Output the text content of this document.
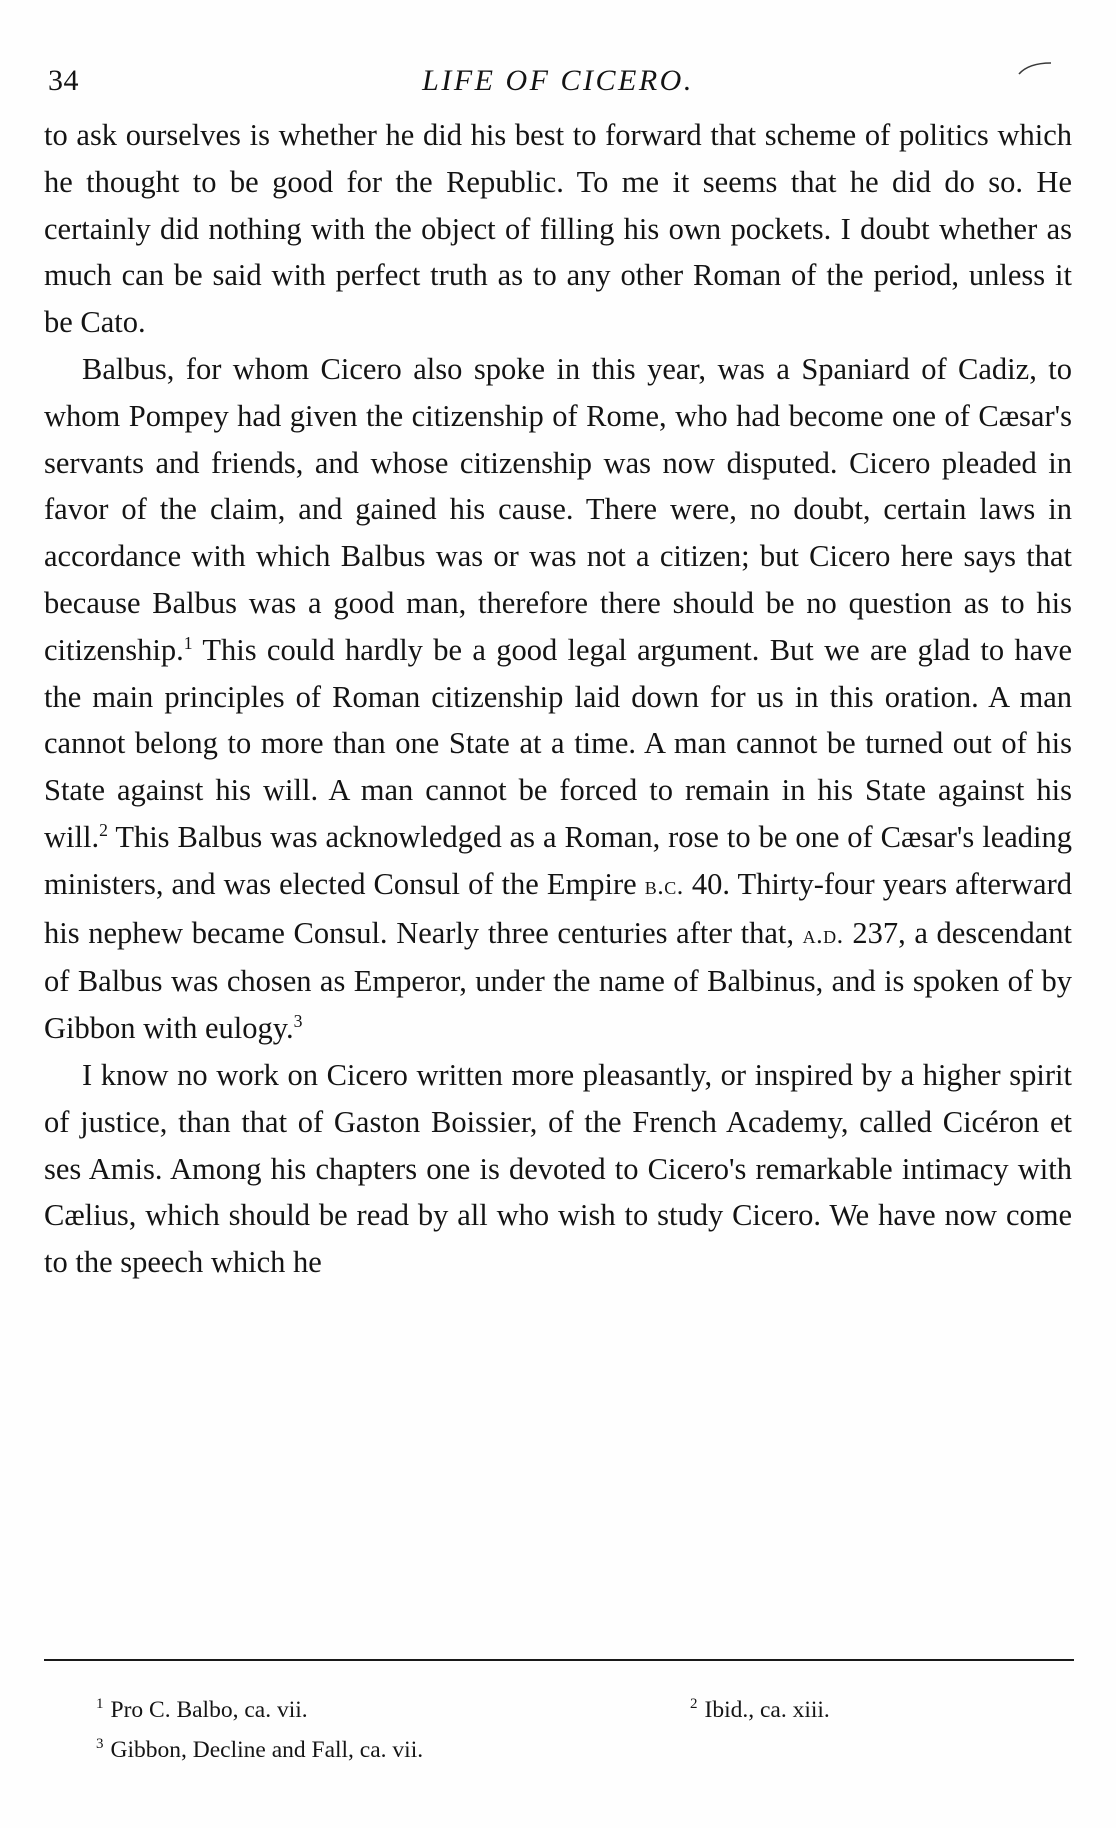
34	LIFE OF CICERO.

to ask ourselves is whether he did his best to forward that scheme of politics which he thought to be good for the Republic. To me it seems that he did do so. He certainly did nothing with the object of filling his own pockets. I doubt whether as much can be said with perfect truth as to any other Roman of the period, unless it be Cato.

Balbus, for whom Cicero also spoke in this year, was a Spaniard of Cadiz, to whom Pompey had given the citizenship of Rome, who had become one of Cæsar's servants and friends, and whose citizenship was now disputed. Cicero pleaded in favor of the claim, and gained his cause. There were, no doubt, certain laws in accordance with which Balbus was or was not a citizen; but Cicero here says that because Balbus was a good man, therefore there should be no question as to his citizenship.$^1$ This could hardly be a good legal argument. But we are glad to have the main principles of Roman citizenship laid down for us in this oration. A man cannot belong to more than one State at a time. A man cannot be turned out of his State against his will. A man cannot be forced to remain in his State against his will.$^2$ This Balbus was acknowledged as a Roman, rose to be one of Cæsar's leading ministers, and was elected Consul of the Empire b.c. 40. Thirty-four years afterward his nephew became Consul. Nearly three centuries after that, a.d. 237, a descendant of Balbus was chosen as Emperor, under the name of Balbinus, and is spoken of by Gibbon with eulogy.$^3$

I know no work on Cicero written more pleasantly, or inspired by a higher spirit of justice, than that of Gaston Boissier, of the French Academy, called Cicéron et ses Amis. Among his chapters one is devoted to Cicero's remarkable intimacy with Cælius, which should be read by all who wish to study Cicero. We have now come to the speech which he

$^1$ Pro C. Balbo, ca. vii.	$^2$ Ibid., ca. xiii.
$^3$ Gibbon, Decline and Fall, ca. vii.
